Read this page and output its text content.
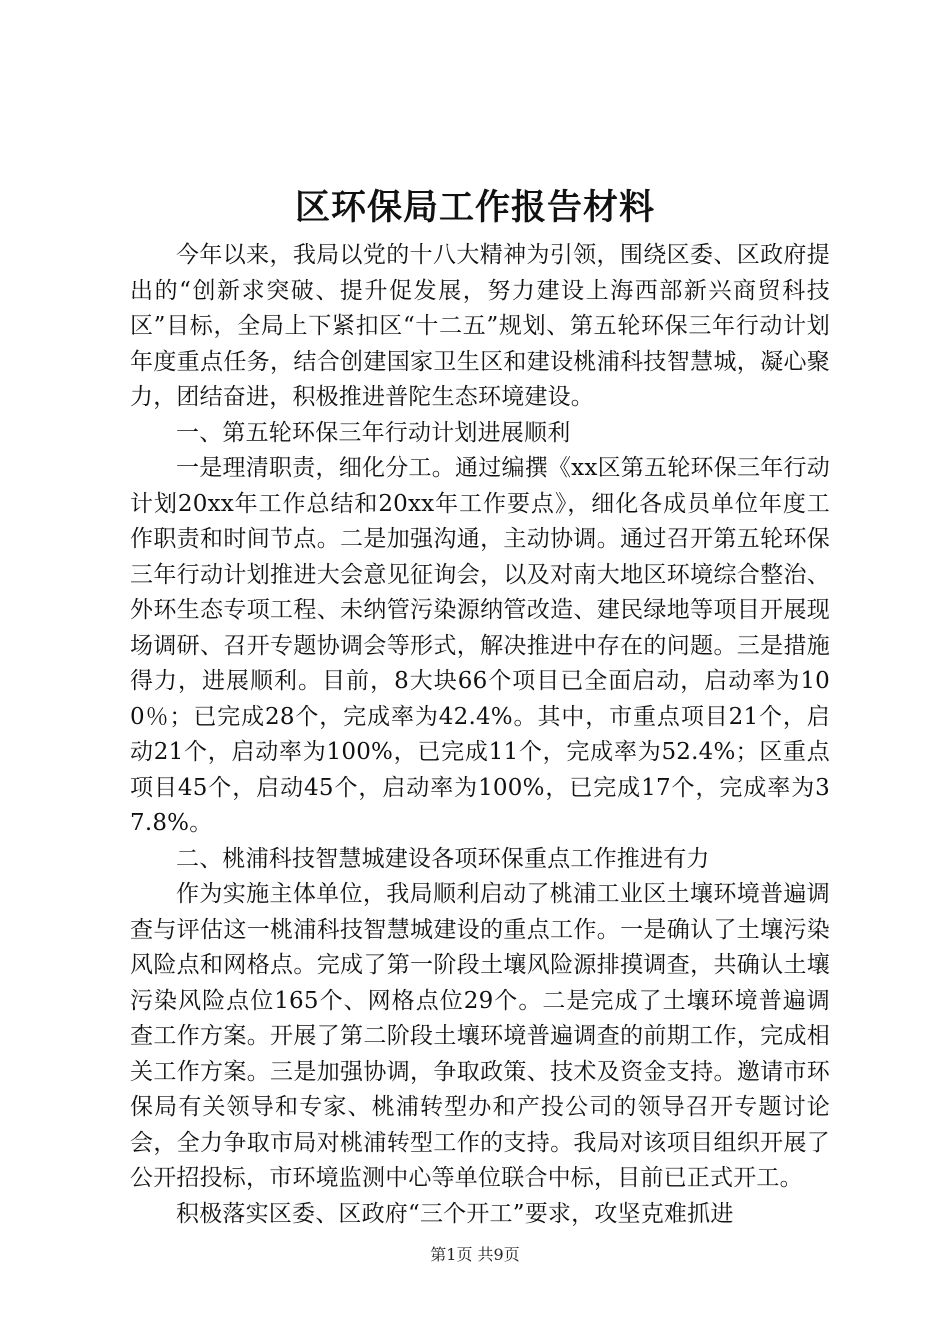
区环保局工作报告材料

今年以来，我局以党的十八大精神为引领，围绕区委、区政府提出的“创新求突破、提升促发展，努力建设上海西部新兴商贸科技区”目标，全局上下紧扣区“十二五”规划、第五轮环保三年行动计划年度重点任务，结合创建国家卫生区和建设桃浦科技智慧城，凝心聚力，团结奋进，积极推进普陀生态环境建设。

一、第五轮环保三年行动计划进展顺利

一是理清职责，细化分工。通过编撰《xx区第五轮环保三年行动计划20xx年工作总结和20xx年工作要点》，细化各成员单位年度工作职责和时间节点。二是加强沟通，主动协调。通过召开第五轮环保三年行动计划推进大会意见征询会，以及对南大地区环境综合整治、外环生态专项工程、未纳管污染源纳管改造、建民绿地等项目开展现场调研、召开专题协调会等形式，解决推进中存在的问题。三是措施得力，进展顺利。目前，8大块66个项目已全面启动，启动率为100％；已完成28个，完成率为42.4%。其中，市重点项目21个，启动21个，启动率为100%，已完成11个，完成率为52.4%；区重点项目45个，启动45个，启动率为100%，已完成17个，完成率为37.8%。

二、桃浦科技智慧城建设各项环保重点工作推进有力

作为实施主体单位，我局顺利启动了桃浦工业区土壤环境普遍调查与评估这一桃浦科技智慧城建设的重点工作。一是确认了土壤污染风险点和网格点。完成了第一阶段土壤风险源排摸调查，共确认土壤污染风险点位165个、网格点位29个。二是完成了土壤环境普遍调查工作方案。开展了第二阶段土壤环境普遍调查的前期工作，完成相关工作方案。三是加强协调，争取政策、技术及资金支持。邀请市环保局有关领导和专家、桃浦转型办和产投公司的领导召开专题讨论会，全力争取市局对桃浦转型工作的支持。我局对该项目组织开展了公开招投标，市环境监测中心等单位联合中标，目前已正式开工。

积极落实区委、区政府“三个开工”要求，攻坚克难抓进

第1页 共9页
